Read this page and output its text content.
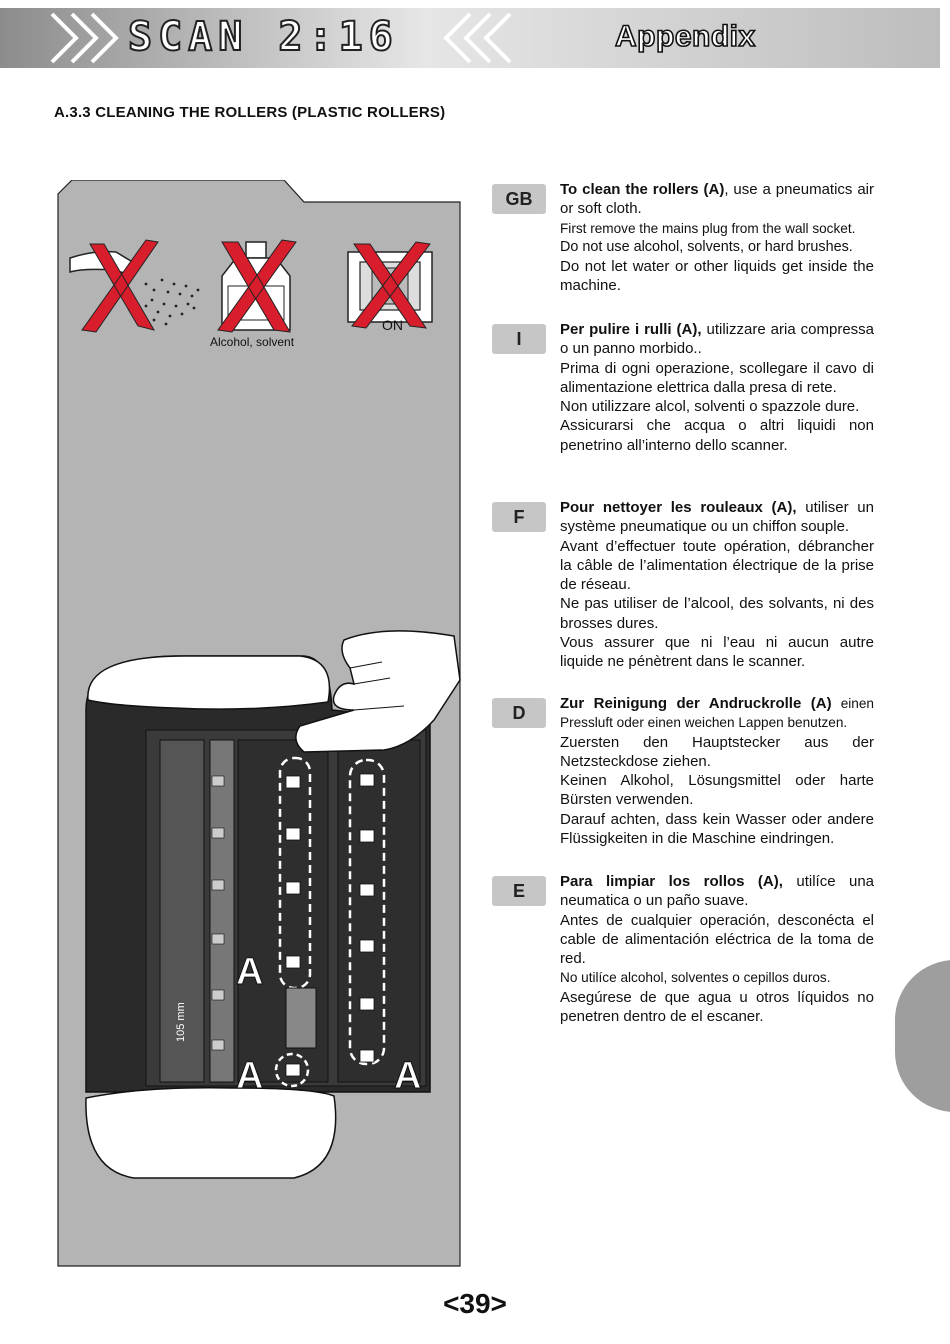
SCAN 2:16	Appendix
A.3.3 CLEANING THE ROLLERS (PLASTIC ROLLERS)
Alcohol, solvent
ON
105 mm
A
A	A
GB	To clean the rollers (A), use a pneumatics air or soft cloth.

First remove the mains plug from the wall socket.

Do not use alcohol, solvents, or hard brushes.

Do not let water or other liquids get inside the machine.

I	Per pulire i rulli (A), utilizzare aria compressa o un panno morbido..

Prima di ogni operazione, scollegare il cavo di alimentazione elettrica dalla presa di rete.

Non utilizzare alcol, solventi o spazzole dure.

Assicurarsi che acqua o altri liquidi non penetrino all’interno dello scanner.

F	Pour nettoyer les rouleaux (A), utiliser un système pneumatique ou un chiffon souple.

Avant d’effectuer toute opération, débrancher la câble de l’alimentation électrique de la prise de réseau.

Ne pas utiliser de l’alcool, des solvants, ni des brosses dures.

Vous assurer que ni l’eau ni aucun autre liquide ne pénètrent dans le scanner.

D	Zur Reinigung der Andruckrolle (A) einen Pressluft oder einen weichen Lappen benutzen.

Zuersten den Hauptstecker aus der Netzsteckdose ziehen.

Keinen Alkohol, Lösungsmittel oder harte Bürsten verwenden.

Darauf achten, dass kein Wasser oder andere Flüssigkeiten in die Maschine eindringen.

E	Para limpiar los rollos (A), utilíce una neumatica o un paño suave.

Antes de cualquier operación, desconécta el cable de alimentación eléctrica de la toma de red.

No utilíce alcohol, solventes o cepillos duros.

Asegúrese de que agua u otros líquidos no penetren dentro de el escaner.

<39>
